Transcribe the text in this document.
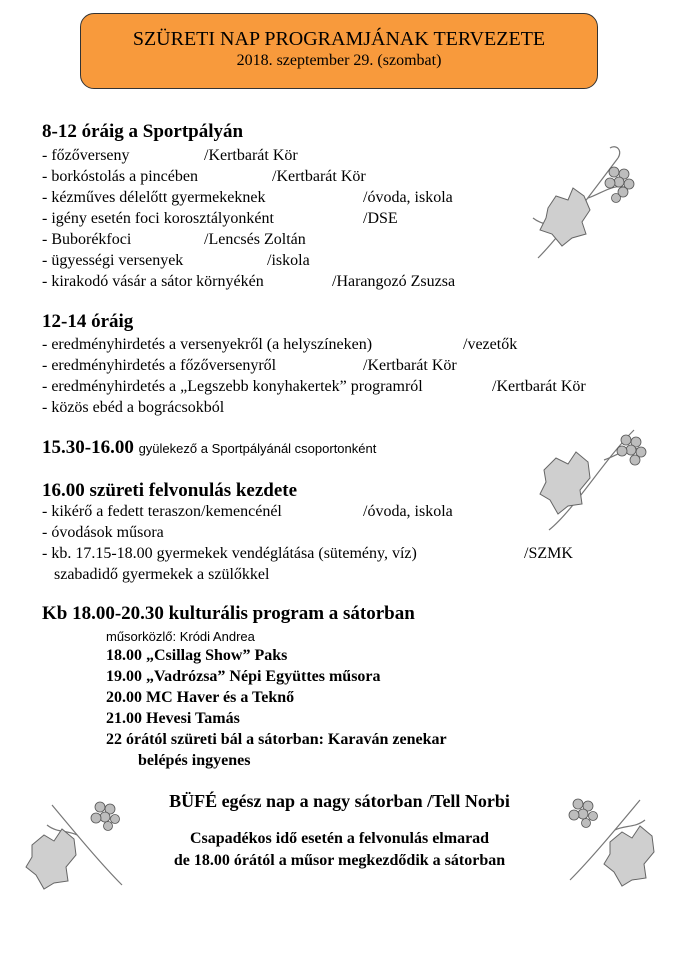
SZÜRETI NAP PROGRAMJÁNAK TERVEZETE
2018. szeptember 29. (szombat)
8-12 óráig a Sportpályán
- főzőverseny	/Kertbarát Kör
- borkóstolás a pincében	/Kertbarát Kör
- kézműves délelőtt gyermekeknek	/óvoda, iskola
- igény esetén foci korosztályonként	/DSE
- Buborékfoci	/Lencsés Zoltán
- ügyességi versenyek	/iskola
- kirakodó vásár a sátor környékén	/Harangozó Zsuzsa
12-14 óráig
- eredményhirdetés a versenyekről (a helyszíneken)	/vezetők
- eredményhirdetés a főzőversenyről	/Kertbarát Kör
- eredményhirdetés a „Legszebb konyhakertek” programról	/Kertbarát Kör
- közös ebéd a bográcsokból
15.30-16.00 gyülekező a Sportpályánál csoportonként
16.00 szüreti felvonulás kezdete
- kikérő a fedett teraszon/kemencénél	/óvoda, iskola
- óvodások műsora
- kb. 17.15-18.00 gyermekek vendéglátása (sütemény, víz)	/SZMK
szabadidő gyermekek a szülőkkel
Kb 18.00-20.30 kulturális program a sátorban
műsorközlő: Kródi Andrea
18.00 „Csillag Show” Paks
19.00 „Vadrózsa” Népi Együttes műsora
20.00 MC Haver és a Teknő
21.00 Hevesi Tamás
22 órától szüreti bál a sátorban: Karaván zenekar
belépés ingyenes
BÜFÉ egész nap a nagy sátorban /Tell Norbi
Csapadékos idő esetén a felvonulás elmarad
de 18.00 órától a műsor megkezdődik a sátorban
